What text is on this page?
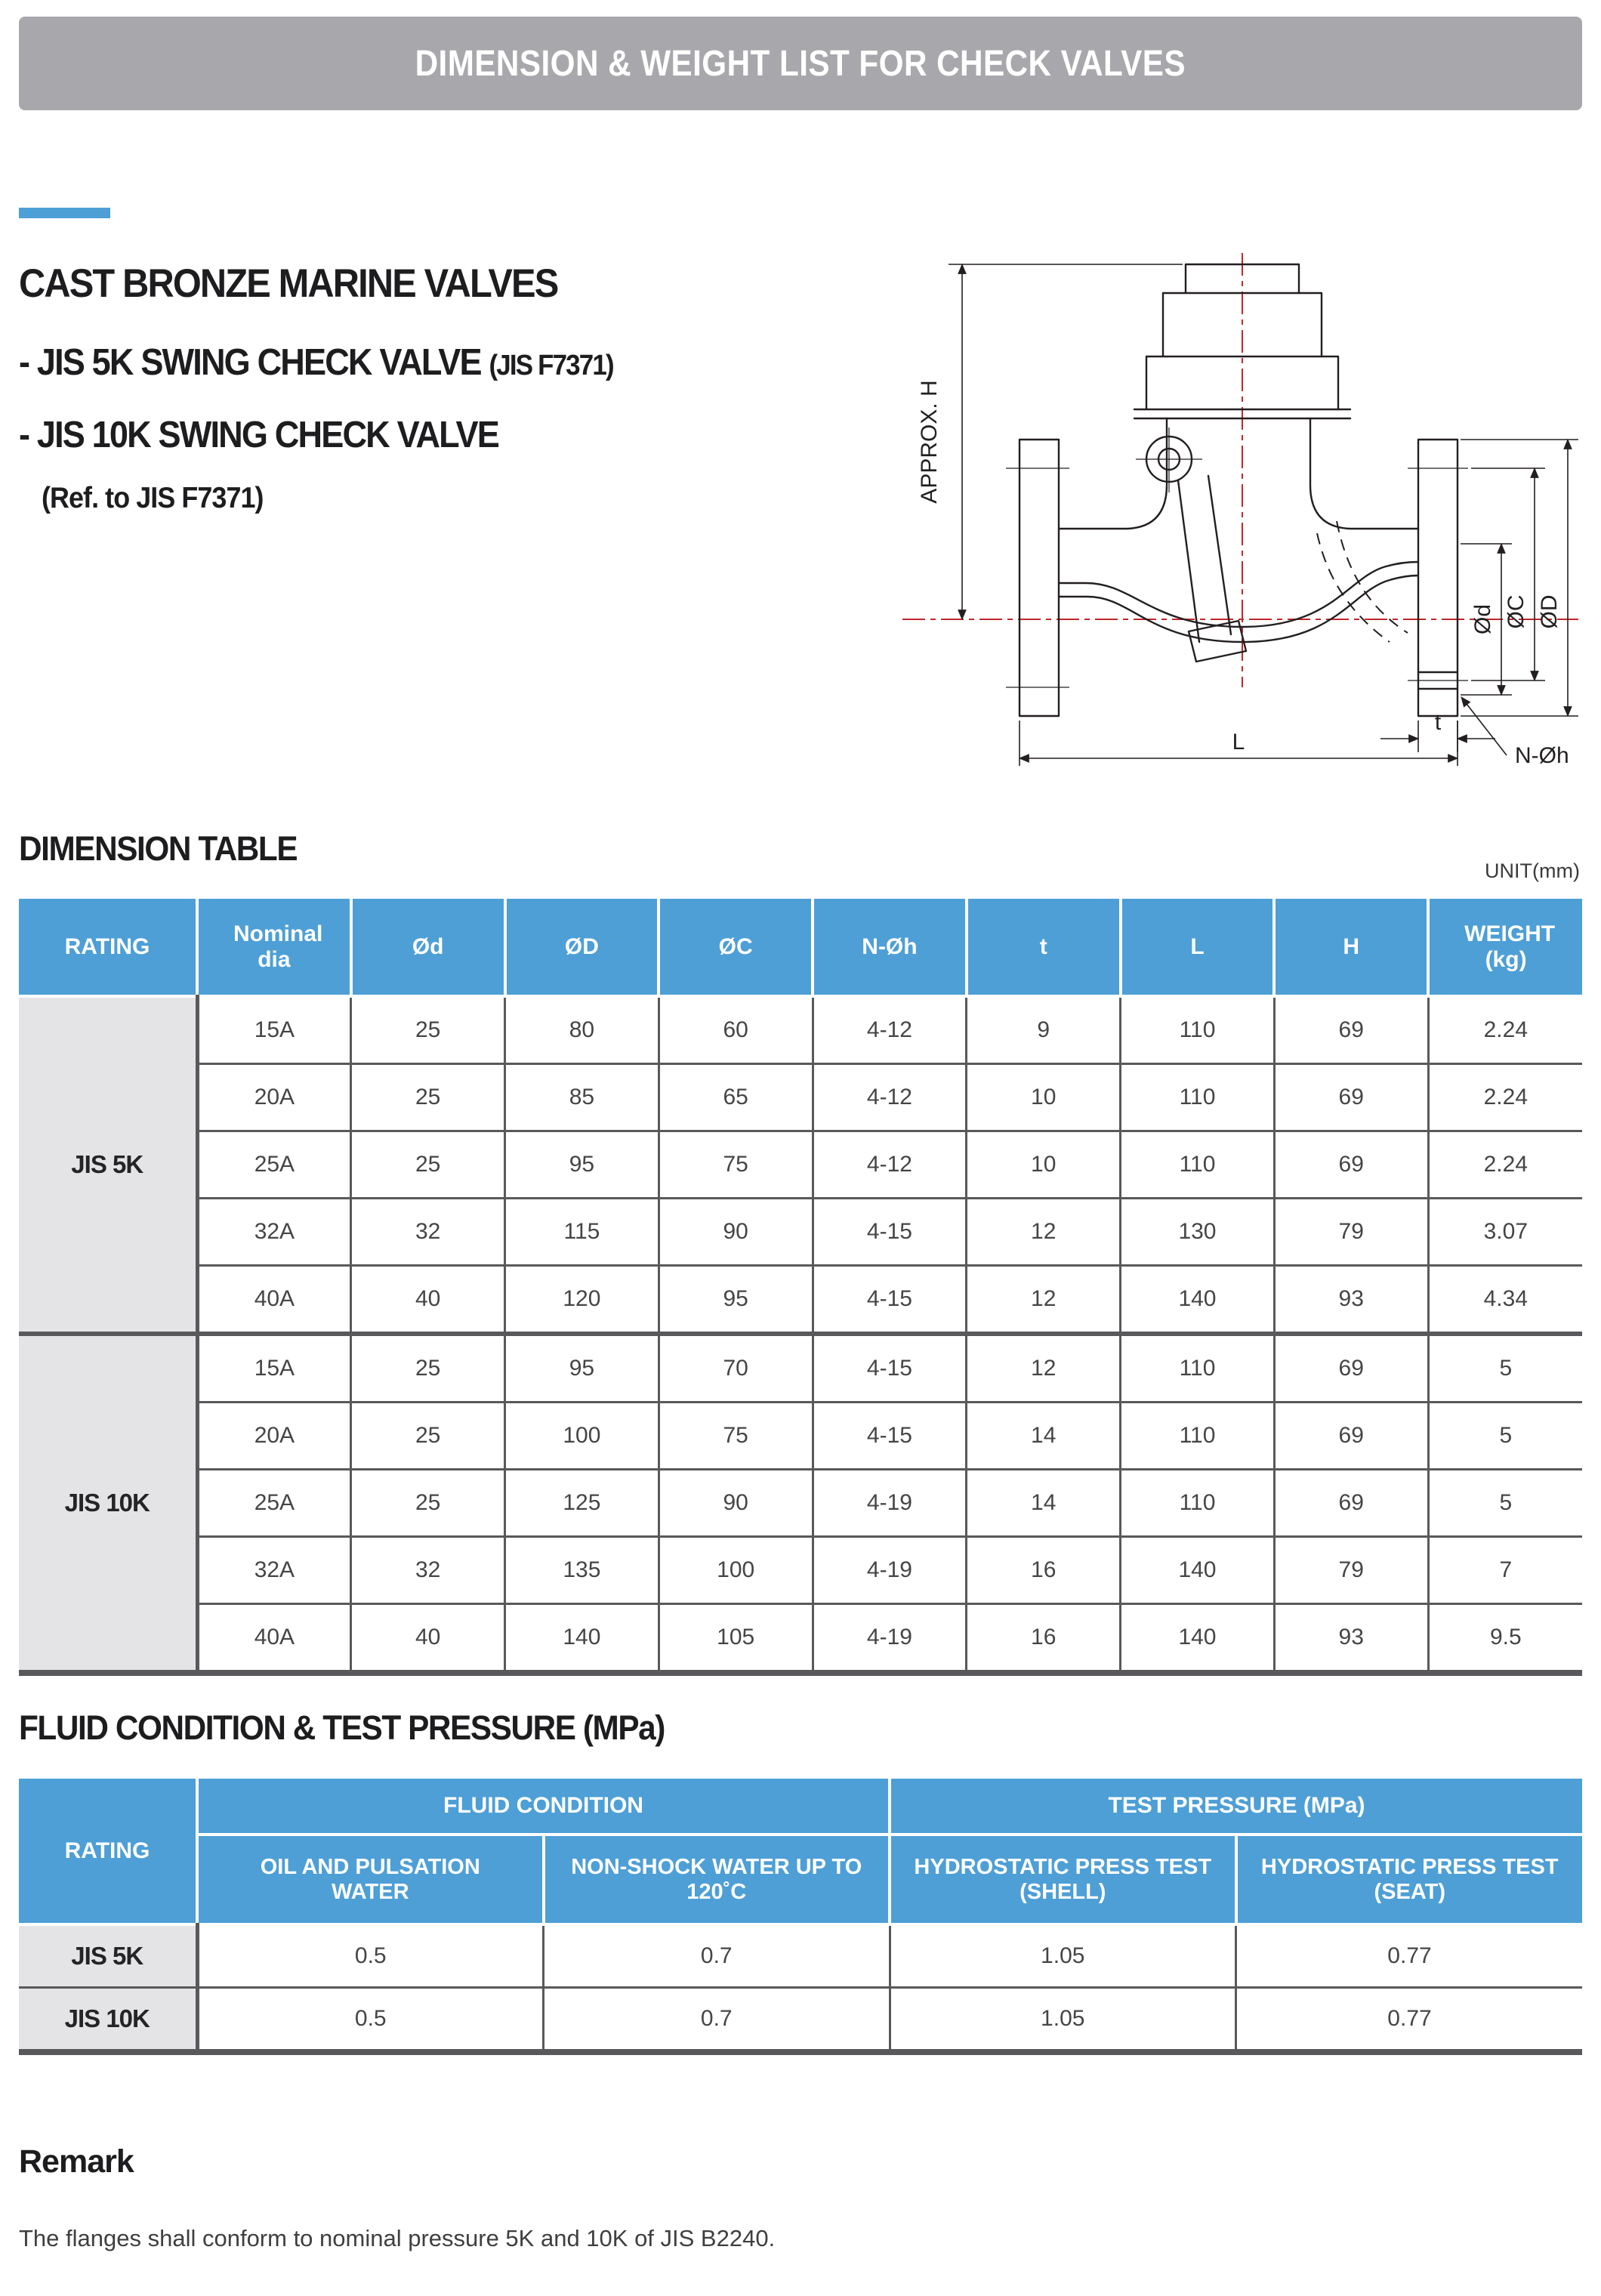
DIMENSION & WEIGHT LIST FOR CHECK VALVES
CAST BRONZE MARINE VALVES
- JIS 5K SWING CHECK VALVE (JIS F7371)
- JIS 10K SWING CHECK VALVE
(Ref. to JIS F7371)	APPROX. H
Ød ØC ØD
t
N-Øh
L
DIMENSION TABLE
UNIT(mm)
RATING	Nominal dia	Ød	ØD	ØC	N-Øh	t	L	H	WEIGHT (kg)
JIS 5K	15A	25	80	60	4-12	9	110	69	2.24
	20A	25	85	65	4-12	10	110	69	2.24
	25A	25	95	75	4-12	10	110	69	2.24
	32A	32	115	90	4-15	12	130	79	3.07
	40A	40	120	95	4-15	12	140	93	4.34
JIS 10K	15A	25	95	70	4-15	12	110	69	5
	20A	25	100	75	4-15	14	110	69	5
	25A	25	125	90	4-19	14	110	69	5
	32A	32	135	100	4-19	16	140	79	7
	40A	40	140	105	4-19	16	140	93	9.5
FLUID CONDITION & TEST PRESSURE (MPa)
RATING	FLUID CONDITION		TEST PRESSURE (MPa)	
	OIL AND PULSATION WATER	NON-SHOCK WATER UP TO 120˚C	HYDROSTATIC PRESS TEST (SHELL)	HYDROSTATIC PRESS TEST (SEAT)
JIS 5K	0.5	0.7	1.05	0.77
JIS 10K	0.5	0.7	1.05	0.77
Remark

The flanges shall conform to nominal pressure 5K and 10K of JIS B2240.
